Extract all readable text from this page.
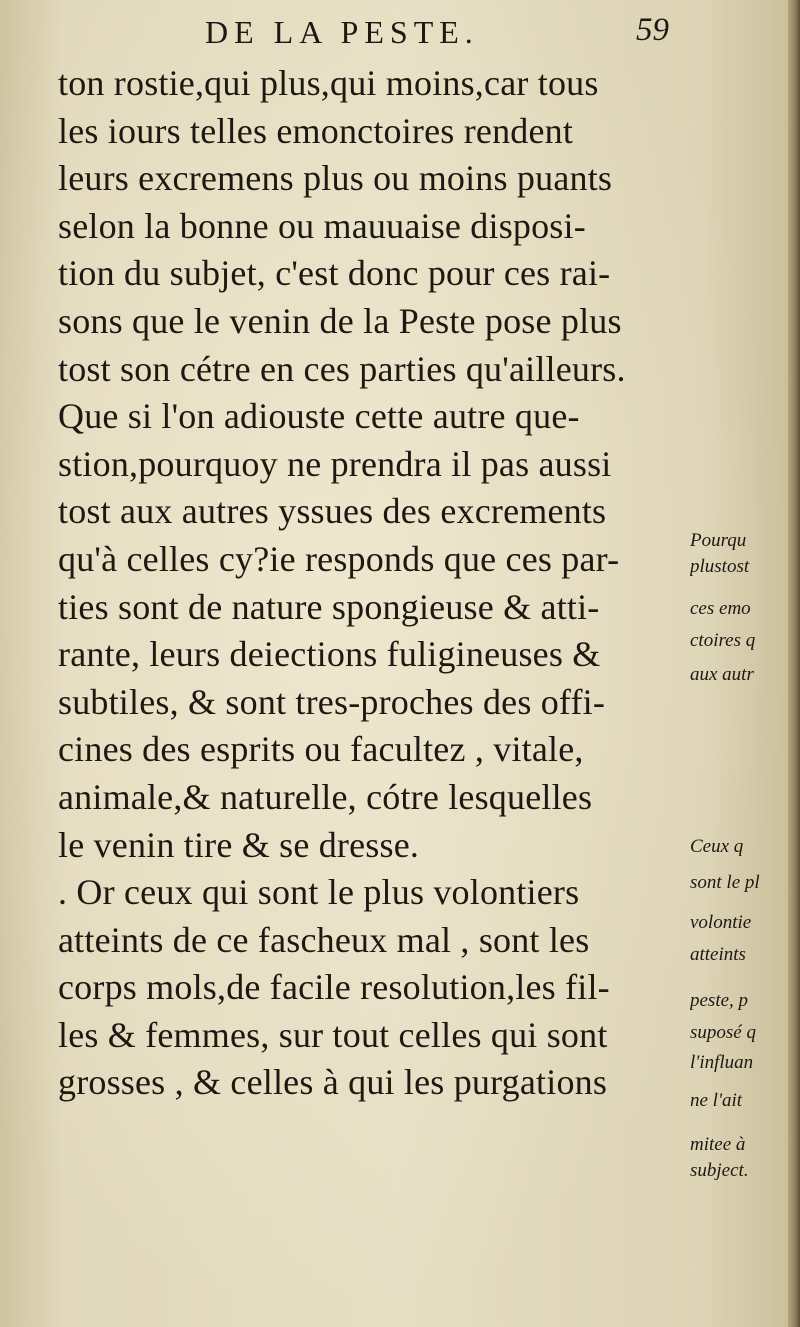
DE LA PESTE.	59
ton rostie,qui plus,qui moins,car tous
les iours telles emonctoires rendent
leurs excremens plus ou moins puants
selon la bonne ou mauuaise disposi-
tion du subjet, c'est donc pour ces rai-
sons que le venin de la Peste pose plus
tost son cétre en ces parties qu'ailleurs.
Que si l'on adiouste cette autre que-
stion,pourquoy ne prendra il pas aussi
tost aux autres yssues des excrements
qu'à celles cy?ie responds que ces par-
ties sont de nature spongieuse & atti-
rante, leurs deiections fuligineuses &
subtiles, & sont tres-proches des offi-
cines des esprits ou facultez , vitale,
animale,& naturelle, cótre lesquelles
le venin tire & se dresse.
. Or ceux qui sont le plus volontiers
atteints de ce fascheux mal , sont les
corps mols,de facile resolution,les fil-
les & femmes, sur tout celles qui sont
grosses , & celles à qui les purgations
Pourqu
plustost
ces emo
ctoires q
aux autr
Ceux q
sont le pl
volontie
atteints
peste, p
suposé q
l'influan
ne l'ait
mitee à
subject.
